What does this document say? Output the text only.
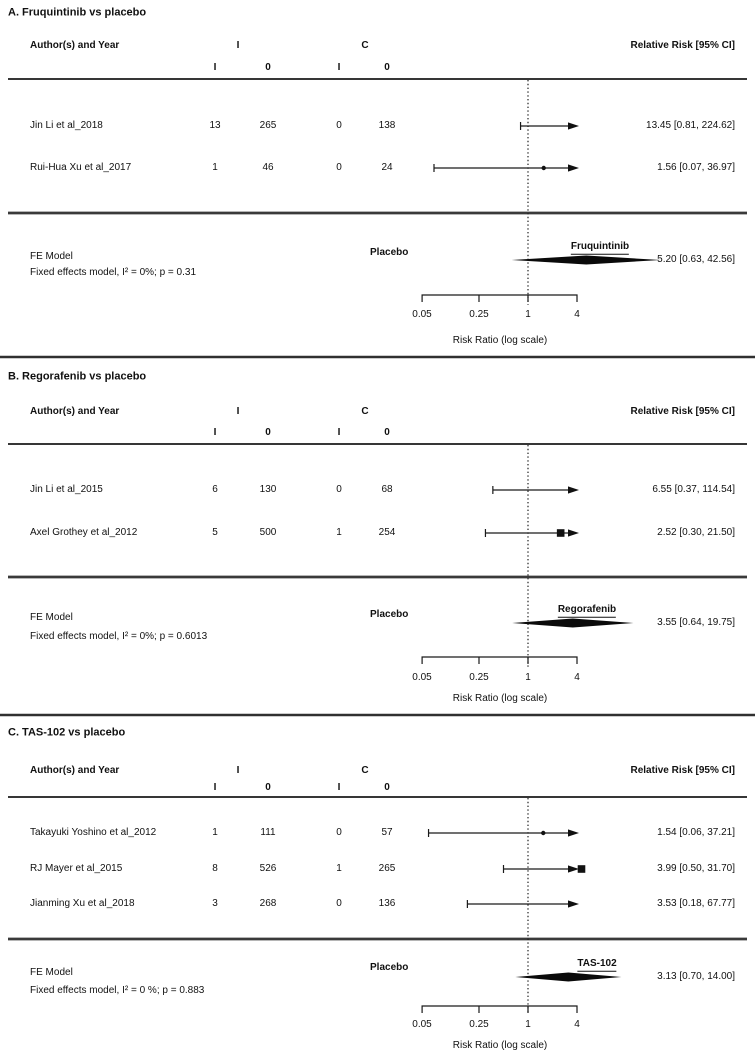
A. Fruquintinib vs placebo
Author(s) and Year	I	C	Relative Risk [95% CI]
I	0	I	0
Jin Li et al_2018	13	265	0	138	13.45 [0.81, 224.62]
Rui-Hua Xu et al_2017	1	46	0	24	1.56 [0.07, 36.97]
FE Model
Fixed effects model, I² = 0%; p = 0.31
Placebo
Fruquintinib
5.20 [0.63, 42.56]
0.05	0.25	1	4
Risk Ratio (log scale)
B. Regorafenib vs placebo
Author(s) and Year	I	C	Relative Risk [95% CI]
I	0	I	0
Jin Li et al_2015	6	130	0	68	6.55 [0.37, 114.54]
Axel Grothey et al_2012	5	500	1	254	2.52 [0.30, 21.50]
FE Model
Fixed effects model, I² = 0%; p = 0.6013
Placebo	Regorafenib
3.55 [0.64, 19.75]
0.05	0.25	1	4
Risk Ratio (log scale)
C. TAS-102 vs placebo
Author(s) and Year	I	C	Relative Risk [95% CI]
I	0	I	0
Takayuki Yoshino et al_2012	1	111	0	57	1.54 [0.06, 37.21]
RJ Mayer et al_2015	8	526	1	265	3.99 [0.50, 31.70]
Jianming Xu et al_2018	3	268	0	136	3.53 [0.18, 67.77]
FE Model
Fixed effects model, I² = 0 %; p = 0.883
Placebo	TAS-102
3.13 [0.70, 14.00]
0.05	0.25	1	4
Risk Ratio (log scale)
